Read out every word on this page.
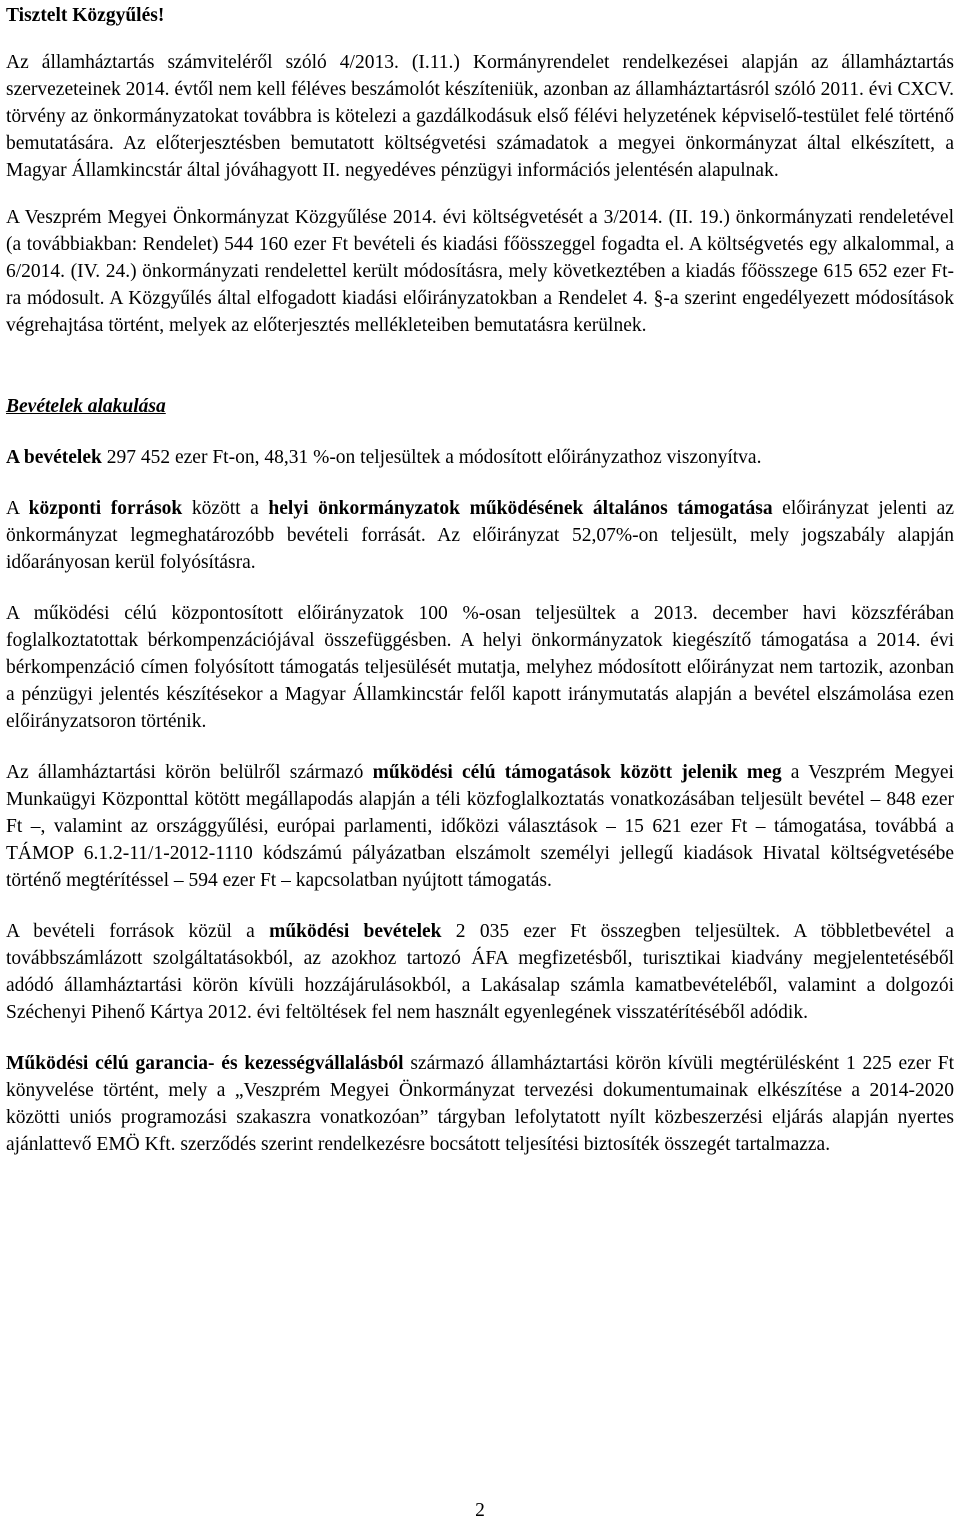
Tisztelt Közgyűlés!

Az államháztartás számviteléről szóló 4/2013. (I.11.) Kormányrendelet rendelkezései alapján az államháztartás szervezeteinek 2014. évtől nem kell féléves beszámolót készíteniük, azonban az államháztartásról szóló 2011. évi CXCV. törvény az önkormányzatokat továbbra is kötelezi a gazdálkodásuk első félévi helyzetének képviselő-testület felé történő bemutatására. Az előterjesztésben bemutatott költségvetési számadatok a megyei önkormányzat által elkészített, a Magyar Államkincstár által jóváhagyott II. negyedéves pénzügyi információs jelentésén alapulnak.

A Veszprém Megyei Önkormányzat Közgyűlése 2014. évi költségvetését a 3/2014. (II. 19.) önkormányzati rendeletével (a továbbiakban: Rendelet) 544 160 ezer Ft bevételi és kiadási főösszeggel fogadta el. A költségvetés egy alkalommal, a 6/2014. (IV. 24.) önkormányzati rendelettel került módosításra, mely következtében a kiadás főösszege 615 652 ezer Ft-ra módosult. A Közgyűlés által elfogadott kiadási előirányzatokban a Rendelet 4. §-a szerint engedélyezett módosítások végrehajtása történt, melyek az előterjesztés mellékleteiben bemutatásra kerülnek.

Bevételek alakulása

A bevételek 297 452 ezer Ft-on, 48,31 %-on teljesültek a módosított előirányzathoz viszonyítva.

A központi források között a helyi önkormányzatok működésének általános támogatása előirányzat jelenti az önkormányzat legmeghatározóbb bevételi forrását. Az előirányzat 52,07%-on teljesült, mely jogszabály alapján időarányosan kerül folyósításra.

A működési célú központosított előirányzatok 100 %-osan teljesültek a 2013. december havi közszférában foglalkoztatottak bérkompenzációjával összefüggésben. A helyi önkormányzatok kiegészítő támogatása a 2014. évi bérkompenzáció címen folyósított támogatás teljesülését mutatja, melyhez módosított előirányzat nem tartozik, azonban a pénzügyi jelentés készítésekor a Magyar Államkincstár felől kapott iránymutatás alapján a bevétel elszámolása ezen előirányzatsoron történik.

Az államháztartási körön belülről származó működési célú támogatások között jelenik meg a Veszprém Megyei Munkaügyi Központtal kötött megállapodás alapján a téli közfoglalkoztatás vonatkozásában teljesült bevétel – 848 ezer Ft –, valamint az országgyűlési, európai parlamenti, időközi választások – 15 621 ezer Ft – támogatása, továbbá a TÁMOP 6.1.2-11/1-2012-1110 kódszámú pályázatban elszámolt személyi jellegű kiadások Hivatal költségvetésébe történő megtérítéssel – 594 ezer Ft – kapcsolatban nyújtott támogatás.

A bevételi források közül a működési bevételek 2 035 ezer Ft összegben teljesültek. A többletbevétel a továbbszámlázott szolgáltatásokból, az azokhoz tartozó ÁFA megfizetésből, turisztikai kiadvány megjelentetéséből adódó államháztartási körön kívüli hozzájárulásokból, a Lakásalap számla kamatbevételéből, valamint a dolgozói Széchenyi Pihenő Kártya 2012. évi feltöltések fel nem használt egyenlegének visszatérítéséből adódik.

Működési célú garancia- és kezességvállalásból származó államháztartási körön kívüli megtérülésként 1 225 ezer Ft könyvelése történt, mely a „Veszprém Megyei Önkormányzat tervezési dokumentumainak elkészítése a 2014-2020 közötti uniós programozási szakaszra vonatkozóan” tárgyban lefolytatott nyílt közbeszerzési eljárás alapján nyertes ajánlattevő EMÖ Kft. szerződés szerint rendelkezésre bocsátott teljesítési biztosíték összegét tartalmazza.

2
